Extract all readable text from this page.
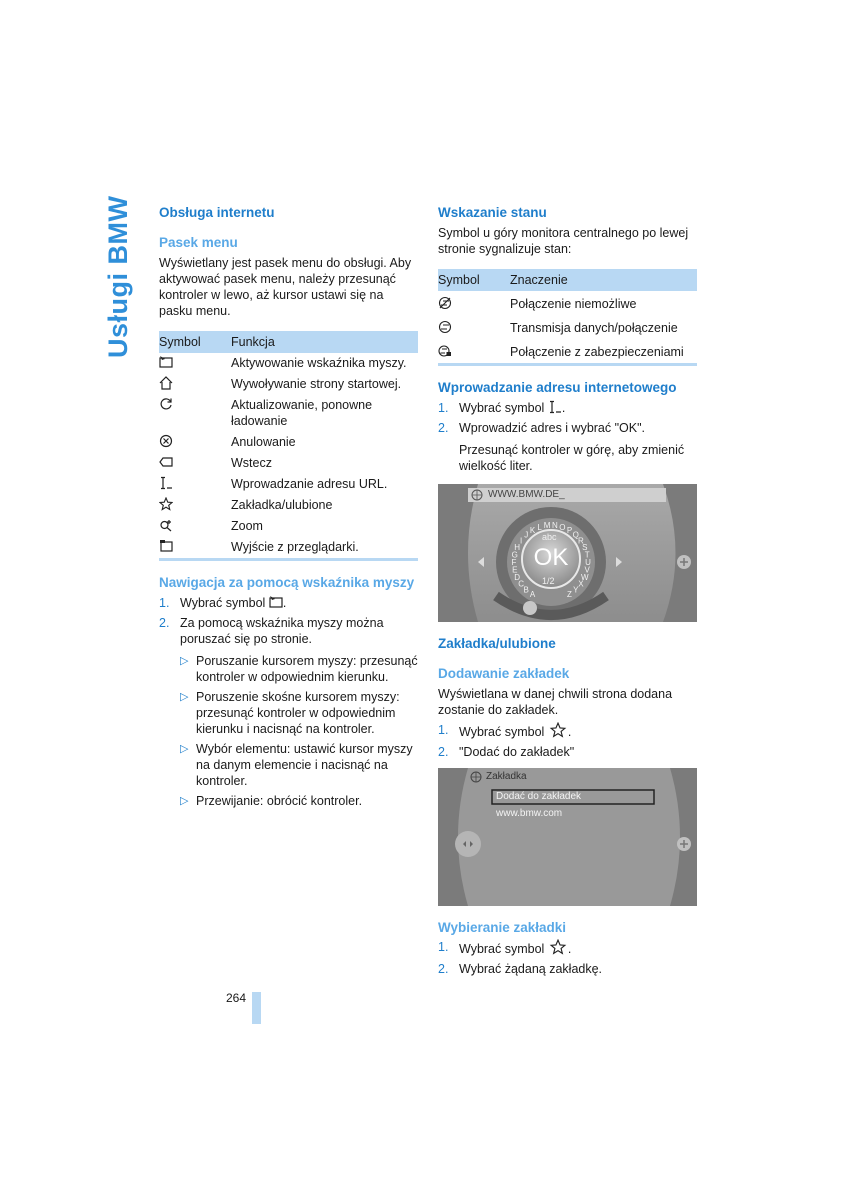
Usługi BMW Obsługa internetu
Pasek menu

Wyświetlany jest pasek menu do obsługi. Aby aktywować pasek menu, należy przesunąć kontroler w lewo, aż kursor ustawi się na pasku menu.

Symbol	Funkcja
	Aktywowanie wskaźnika myszy.
	Wywoływanie strony startowej.
	Aktualizowanie, ponowne ładowanie
	Anulowanie
	Wstecz
	Wprowadzanie adresu URL.
	Zakładka/ulubione
	Zoom
	Wyjście z przeglądarki.
Nawigacja za pomocą wskaźnika myszy
1. Wybrać symbol .
2. Za pomocą wskaźnika myszy można poruszać się po stronie.
▷ Poruszanie kursorem myszy: przesunąć kontroler w odpowiednim kierunku.
▷ Poruszenie skośne kursorem myszy: przesunąć kontroler w odpowiednim kierunku i nacisnąć na kontroler.
▷ Wybór elementu: ustawić kursor myszy na danym elemencie i nacisnąć na kontroler.
▷ Przewijanie: obrócić kontroler.
Wskazanie stanu

Symbol u góry monitora centralnego po lewej stronie sygnalizuje stan:

Symbol	Znaczenie
	Połączenie niemożliwe
	Transmisja danych/połączenie
	Połączenie z zabezpieczeniami
Wprowadzanie adresu internetowego
1. Wybrać symbol .
2. Wprowadzić adres i wybrać "OK".
Przesunąć kontroler w górę, aby zmienić wielkość liter.
A
B
C
D
E
F
G
H
I
J K L M N O P Q
R
S
T
U
V
W
X
Y
Z
WWW.BMW.DE_
abc
OK
1/2
Zakładka/ulubione
Dodawanie zakładek

Wyświetlana w danej chwili strona dodana zostanie do zakładek.

1. Wybrać symbol .
2. "Dodać do zakładek"
Zakładka
Dodać do zakładek
www.bmw.com
Wybieranie zakładki
1. Wybrać symbol .
2. Wybrać żądaną zakładkę.
264
